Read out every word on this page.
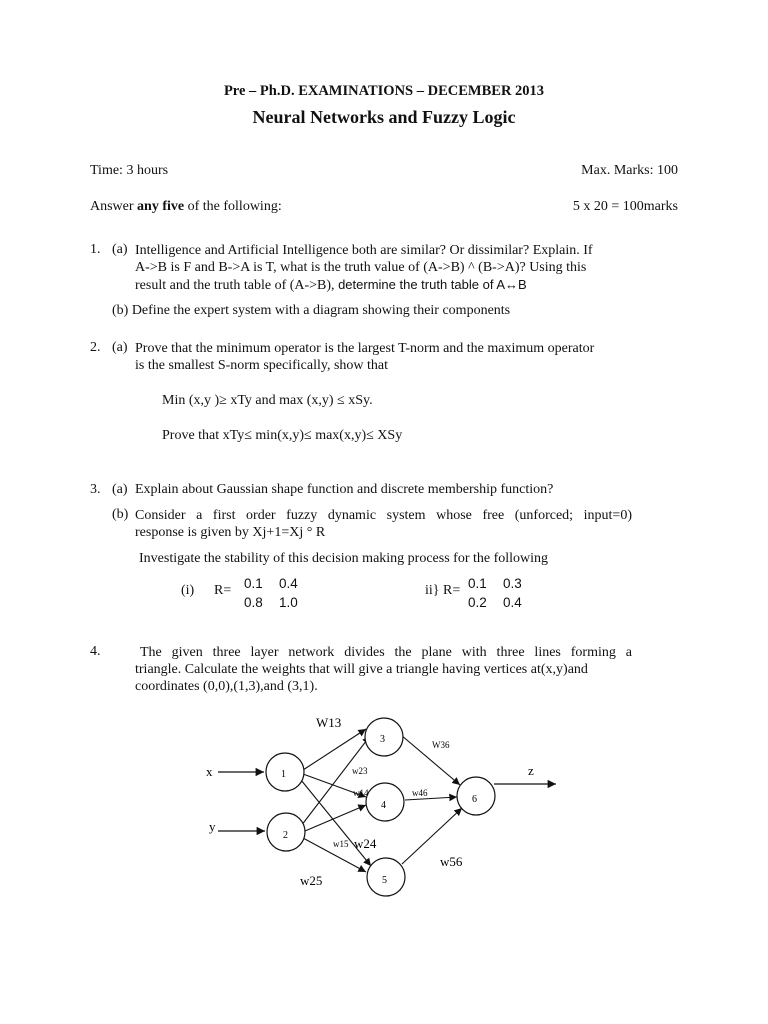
Pre – Ph.D. EXAMINATIONS – DECEMBER 2013
Neural Networks and Fuzzy Logic
Time: 3 hours	Max. Marks: 100
Answer any five of the following:	5 x 20 = 100marks
1. (a) Intelligence and Artificial Intelligence both are similar? Or dissimilar? Explain. If
A->B is F and B->A is T, what is the truth value of (A->B) ^ (B->A)? Using this
result and the truth table of (A->B), determine the truth table of A↔B
(b) Define the expert system with a diagram showing their components
2. (a) Prove that the minimum operator is the largest T-norm and the maximum operator
is the smallest S-norm specifically, show that
Min (x,y )≥ xTy and max (x,y) ≤ xSy.
Prove that xTy≤ min(x,y)≤ max(x,y)≤ XSy
3. (a) Explain about Gaussian shape function and discrete membership function?
(b) Consider a first order fuzzy dynamic system whose free (unforced; input=0)
response is given by Xj+1=Xj ° R
Investigate the stability of this decision making process for the following
(i) R= 0.1 0.4
0.8 1.0
ii} R= 0.1 0.3
0.2 0.4
4.	The given three layer network divides the plane with three lines forming a
triangle. Calculate the weights that will give a triangle having vertices at(x,y)and
coordinates (0,0),(1,3),and (3,1).
1
2
3
4
5
6
x
y
z
W13
w23
w14
w24
w15
w25
W36
w46
w56
